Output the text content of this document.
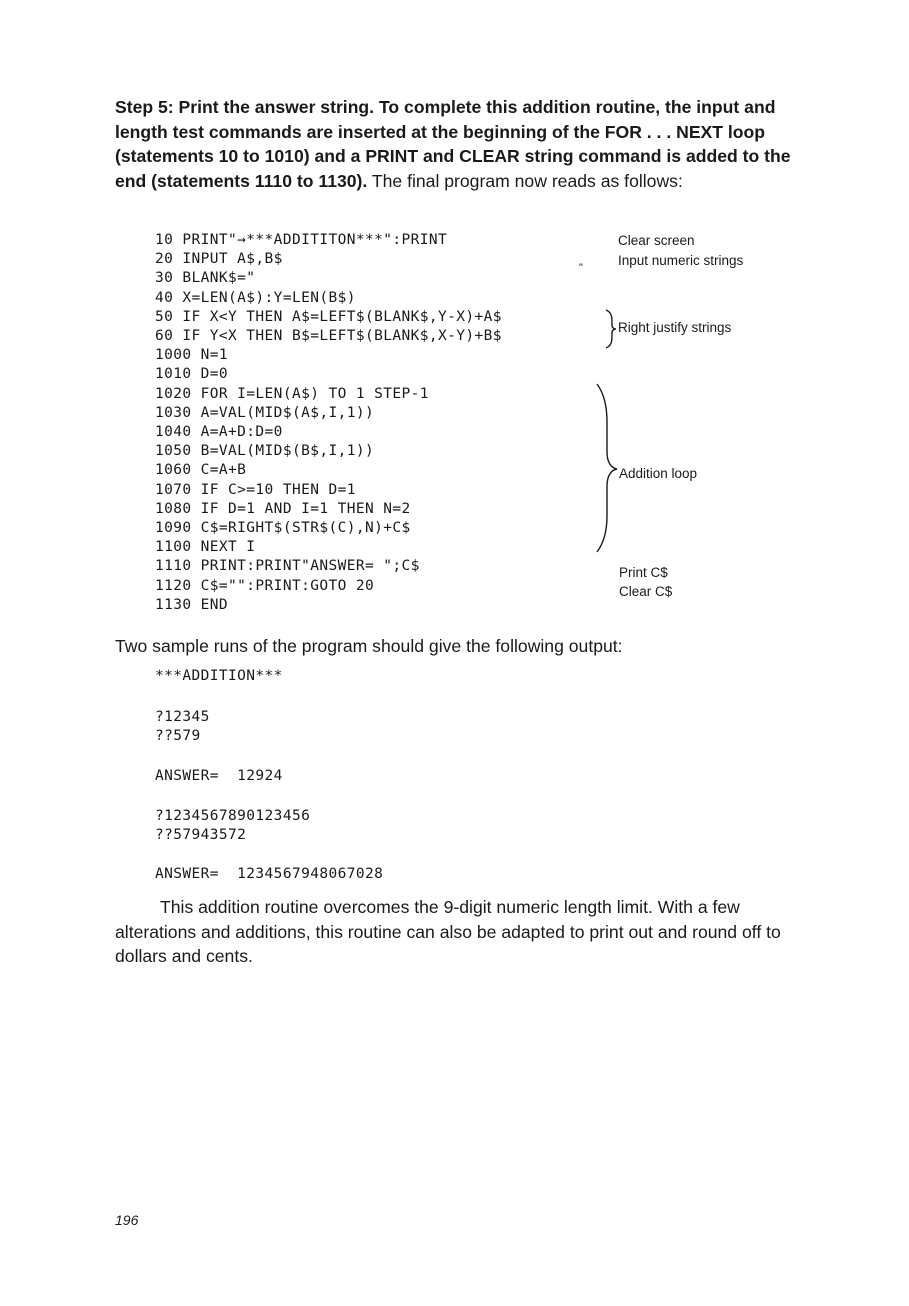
Step 5: Print the answer string. To complete this addition routine, the input and length test commands are inserted at the beginning of the FOR . . . NEXT loop (statements 10 to 1010) and a PRINT and CLEAR string command is added to the end (statements 1110 to 1130). The final program now reads as follows:

10 PRINT"→***ADDITITON***":PRINT
20 INPUT A$,B$
30 BLANK$="
40 X=LEN(A$):Y=LEN(B$)
50 IF X<Y THEN A$=LEFT$(BLANK$,Y-X)+A$
60 IF Y<X THEN B$=LEFT$(BLANK$,X-Y)+B$
1000 N=1
1010 D=0
1020 FOR I=LEN(A$) TO 1 STEP-1
1030 A=VAL(MID$(A$,I,1))
1040 A=A+D:D=0
1050 B=VAL(MID$(B$,I,1))
1060 C=A+B
1070 IF C>=10 THEN D=1
1080 IF D=1 AND I=1 THEN N=2
1090 C$=RIGHT$(STR$(C),N)+C$
1100 NEXT I
1110 PRINT:PRINT"ANSWER= ";C$
1120 C$="":PRINT:GOTO 20
1130 END
"
Clear screen
Input numeric strings
Right justify strings
Addition loop
Print C$
Clear C$

Two sample runs of the program should give the following output:

***ADDITION***
?12345
??579
ANSWER=  12924
?1234567890123456
??57943572
ANSWER=  1234567948067028

This addition routine overcomes the 9-digit numeric length limit. With a few alterations and additions, this routine can also be adapted to print out and round off to dollars and cents.

196
